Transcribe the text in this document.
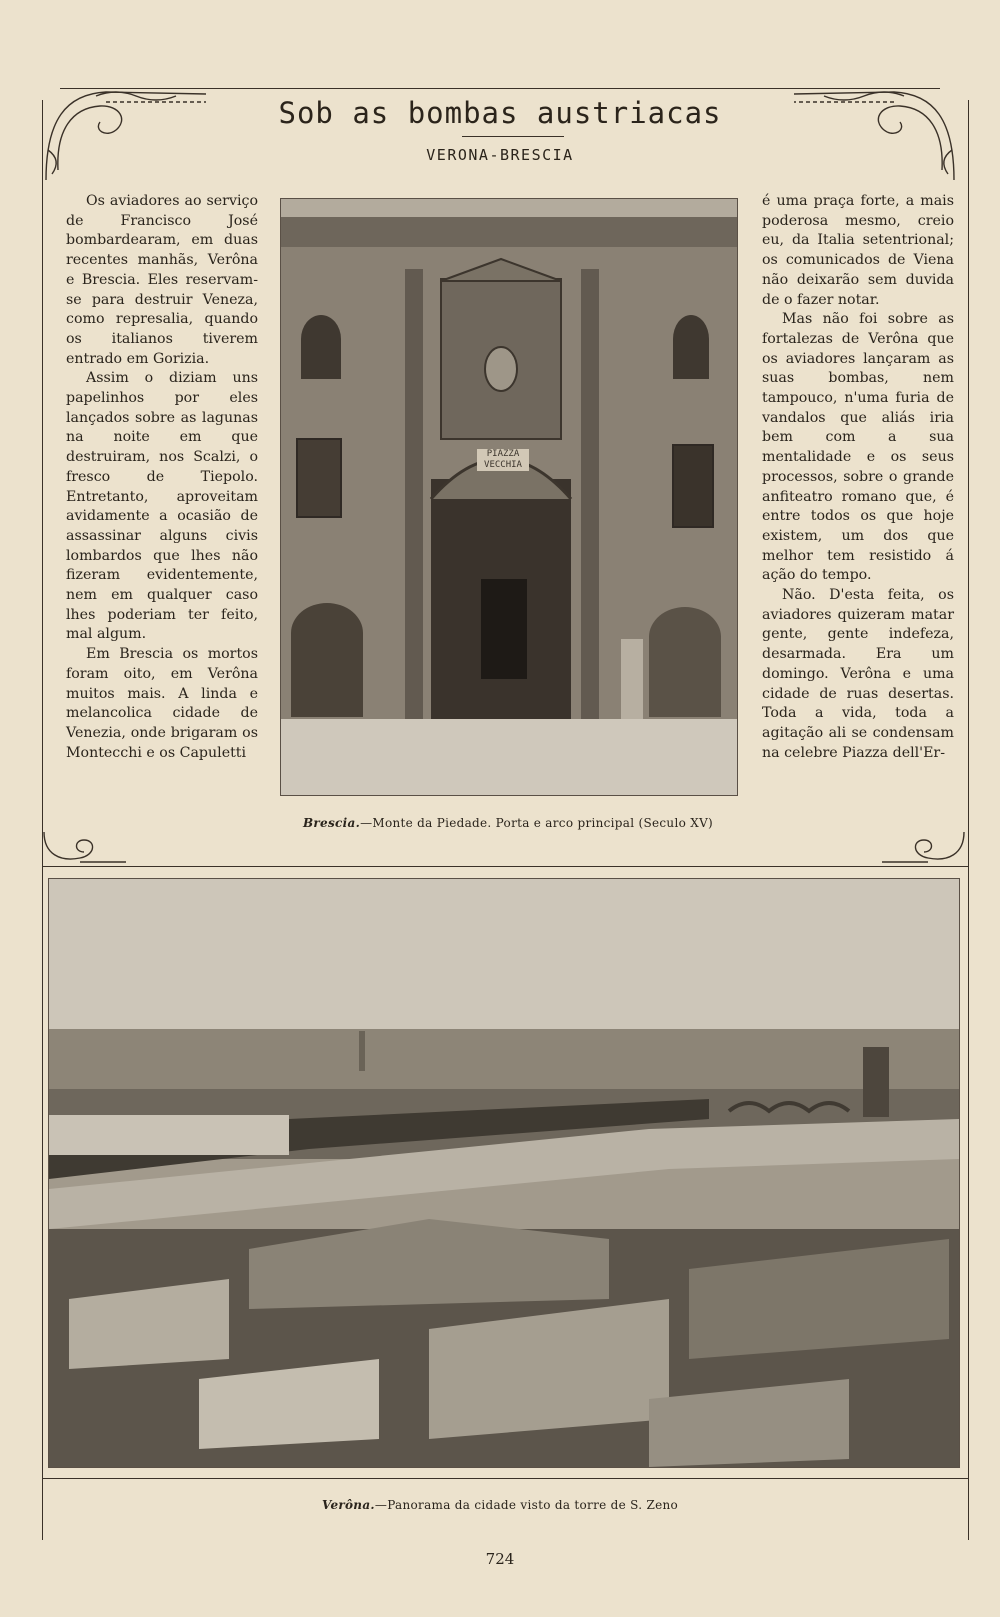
Sob as bombas austriacas
VERONA-BRESCIA

Os aviadores ao serviço de Francisco José bombardearam, em duas recentes manhãs, Verôna e Brescia. Eles reservam-se para destruir Veneza, como represalia, quando os italianos tiverem entrado em Gorizia.

Assim o diziam uns papelinhos por eles lançados sobre as lagunas na noite em que destruiram, nos Scalzi, o fresco de Tiepolo. Entretanto, aproveitam avidamente a ocasião de assassinar alguns civis lombardos que lhes não fizeram evidentemente, nem em qualquer caso lhes poderiam ter feito, mal algum.

Em Brescia os mortos foram oito, em Verôna muitos mais. A linda e melancolica cidade de Venezia, onde brigaram os Montecchi e os Capuletti

PIAZZA
VECCHIA
Brescia.—Monte da Piedade. Porta e arco principal (Seculo XV)

é uma praça forte, a mais poderosa mesmo, creio eu, da Italia setentrional; os comunicados de Viena não deixarão sem duvida de o fazer notar.

Mas não foi sobre as fortalezas de Verôna que os aviadores lançaram as suas bombas, nem tampouco, n'uma furia de vandalos que aliás iria bem com a sua mentalidade e os seus processos, sobre o grande anfiteatro romano que, é entre todos os que hoje existem, um dos que melhor tem resistido á ação do tempo.

Não. D'esta feita, os aviadores quizeram matar gente, gente indefeza, desarmada. Era um domingo. Verôna e uma cidade de ruas desertas. Toda a vida, toda a agitação ali se condensam na celebre Piazza dell'Er-

Verôna.—Panorama da cidade visto da torre de S. Zeno
724
